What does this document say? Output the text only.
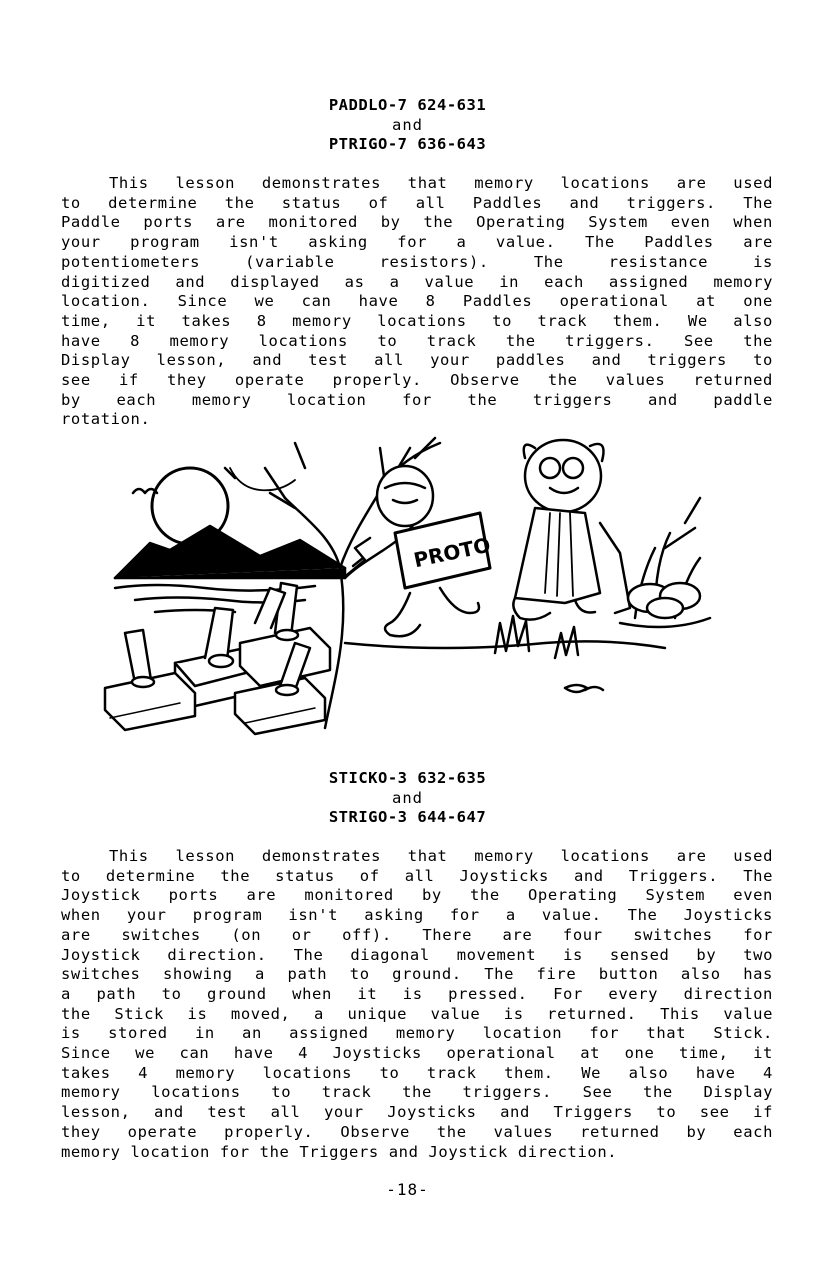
PADDLO-7 624-631
and
PTRIGO-7 636-643
This lesson demonstrates that memory locations are used
to determine the status of all Paddles and triggers. The
Paddle ports are monitored by the Operating System even when
your program isn't asking for a value. The Paddles are
potentiometers (variable resistors). The resistance is
digitized and displayed as a value in each assigned memory
location. Since we can have 8 Paddles operational at one
time, it takes 8 memory locations to track them. We also
have 8 memory locations to track the triggers. See the
Display lesson, and test all your paddles and triggers to
see if they operate properly. Observe the values returned
by each memory location for the triggers and paddle
rotation.
PROTO
STICKO-3 632-635
and
STRIGO-3 644-647
This lesson demonstrates that memory locations are used
to determine the status of all Joysticks and Triggers. The
Joystick ports are monitored by the Operating System even
when your program isn't asking for a value. The Joysticks
are switches (on or off). There are four switches for
Joystick direction. The diagonal movement is sensed by two
switches showing a path to ground. The fire button also has
a path to ground when it is pressed. For every direction
the Stick is moved, a unique value is returned. This value
is stored in an assigned memory location for that Stick.
Since we can have 4 Joysticks operational at one time, it
takes 4 memory locations to track them. We also have 4
memory locations to track the triggers. See the Display
lesson, and test all your Joysticks and Triggers to see if
they operate properly. Observe the values returned by each
memory location for the Triggers and Joystick direction.
-18-
